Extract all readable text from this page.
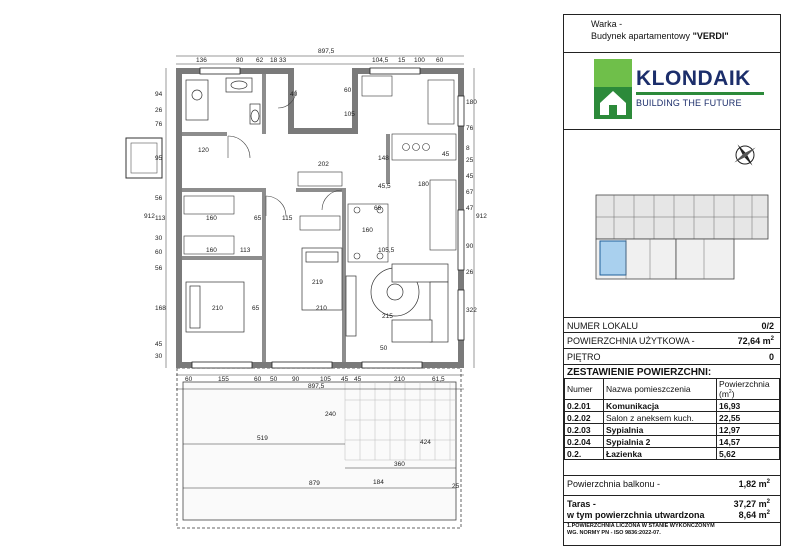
897,5
136	80 62 18 33	104,5 15 100 60
60	155	60 50 90	105 45 45	210	61,5
897,5
94
26
76
95
912
56
113
30
60
56
168
45
30
180
76
8
25
45
67
47
90
26
322
912
120
202
160	115
160	113
65
210
219
210
215
105,5
160
148
45
180
68
45,5
105
60
50
40
240
424
519
360
879	184
25
65
Warka -
Budynek apartamentowy "VERDI"
KLONDAIK
BUILDING THE FUTURE
NUMER LOKALU	0/2
POWIERZCHNIA UŻYTKOWA -	72,64 $m^2$
PIĘTRO	0
ZESTAWIENIE POWIERZCHNI:
Numer	Nazwa pomieszczenia	Powierzchnia $(m^2)$
0.2.01	Komunikacja	16,93
0.2.02	Salon z aneksem kuch.	22,55
0.2.03	Sypialnia	12,97
0.2.04	Sypialnia 2	14,57
0.2.	Łazienka	5,62
Powierzchnia balkonu -	1,82 $m^2$
Taras -	37,27 $m^2$
w tym powierzchnia utwardzona	8,64 $m^2$
1.POWIERZCHNIA LICZONA W STANIE WYKOŃCZONYM
WG. NORMY PN - ISO 9836:2022-07.
